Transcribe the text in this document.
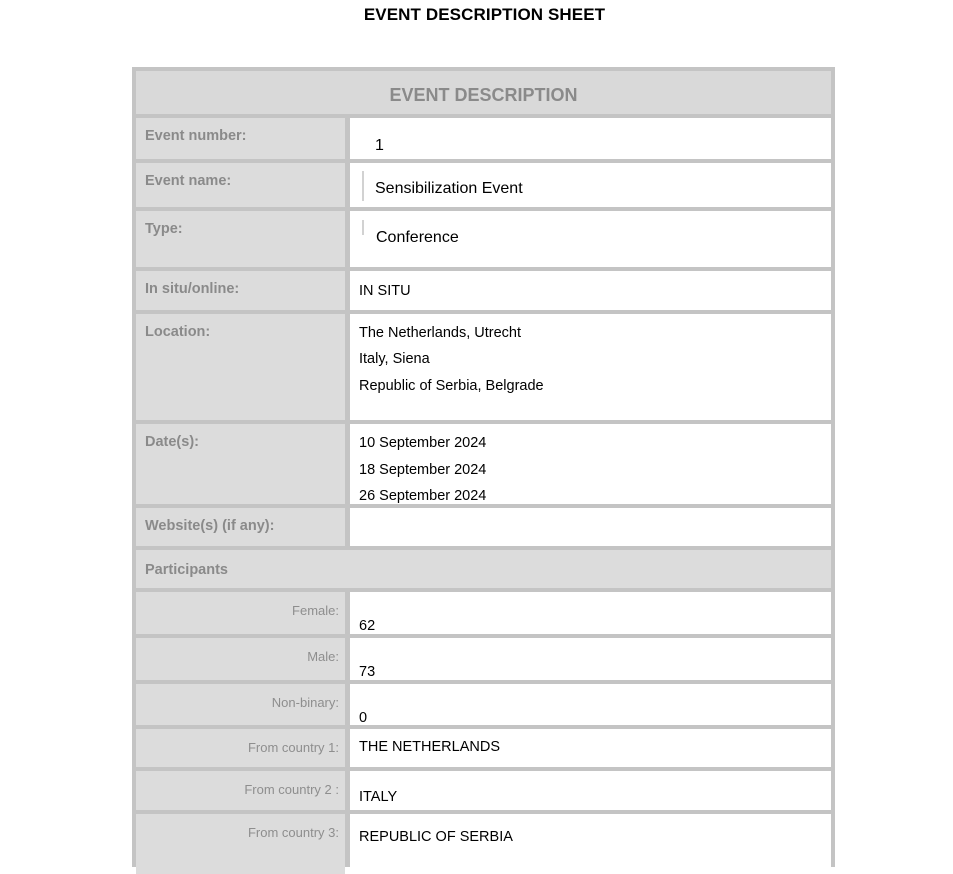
EVENT DESCRIPTION SHEET
EVENT DESCRIPTION
Event number:
1
Event name:	Sensibilization Event
Type:	Conference
In situ/online:	IN SITU
Location:	The Netherlands, Utrecht
Italy, Siena
Republic of Serbia, Belgrade
Date(s):	10 September 2024
18 September 2024
26 September 2024
Website(s) (if any):
Participants
Female:
62
Male:
73
Non-binary:
0
From country 1:	THE NETHERLANDS
From country 2 :	ITALY
From country 3:	REPUBLIC OF SERBIA
